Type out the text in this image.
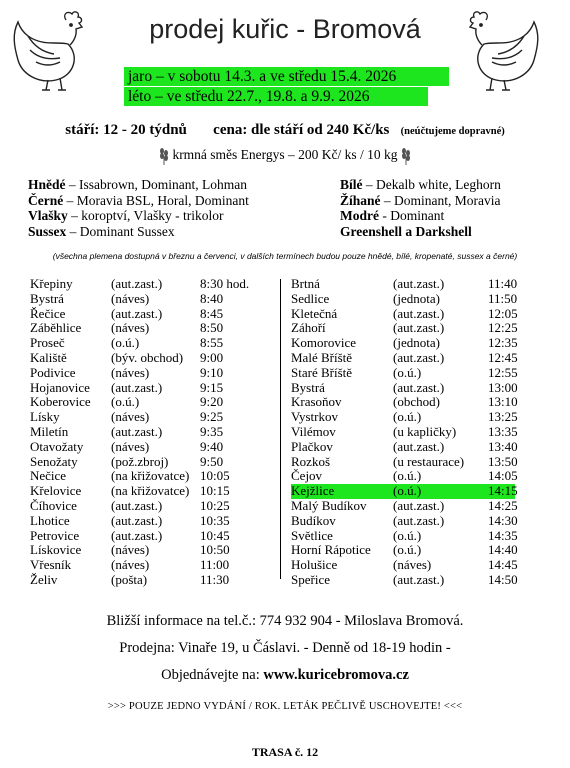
prodej kuřic - Bromová
jaro – v sobotu 14.3. a ve středu 15.4. 2026
léto – ve středu 22.7., 19.8. a 9.9. 2026
stáří: 12 - 20 týdnů cena: dle stáří od 240 Kč/ks (neúčtujeme dopravné)
krmná směs Energys – 200 Kč/ ks / 10 kg
Hnědé – Issabrown, Dominant, Lohman
Černé – Moravia BSL, Horal, Dominant
Vlašky – koroptví, Vlašky - trikolor
Sussex – Dominant Sussex
Bílé – Dekalb white, Leghorn
Žíhané – Dominant, Moravia
Modré - Dominant
Greenshell a Darkshell
(všechna plemena dostupná v březnu a červenci, v dalších termínech budou pouze hnědé, bílé, kropenaté, sussex a černé)
Křepiny	(aut.zast.)	8:30 hod.
Bystrá	(náves)	8:40
Řečice	(aut.zast.)	8:45
Záběhlice (náves)	8:50
Proseč	(o.ú.)	8:55
Kaliště	(býv. obchod) 9:00
Podivice	(náves)	9:10
Hojanovice (aut.zast.)	9:15
Koberovice (o.ú.)	9:20
Lísky	(náves)	9:25
Miletín	(aut.zast.)	9:35
Otavožaty (náves)	9:40
Senožaty	(pož.zbroj) 9:50
Nečice	(na křižovatce) 10:05
Křelovice (na křižovatce) 10:15
Číhovice	(aut.zast.)	10:25
Lhotice	(aut.zast.)	10:35
Petrovice (aut.zast.)	10:45
Lískovice (náves)	10:50
Vřesník	(náves)	11:00
Želiv	(pošta)	11:30
Brtná	(aut.zast.)	11:40
Sedlice	(jednota)	11:50
Kletečná	(aut.zast.)	12:05
Záhoří	(aut.zast.)	12:25
Komorovice	(jednota)	12:35
Malé Bříště	(aut.zast.)	12:45
Staré Bříště	(o.ú.)	12:55
Bystrá	(aut.zast.)	13:00
Krasoňov	(obchod)	13:10
Vystrkov	(o.ú.)	13:25
Vilémov	(u kapličky) 13:35
Plačkov	(aut.zast.)	13:40
Rozkoš	(u restaurace) 13:50
Čejov	(o.ú.)	14:05
Kejžlice	(o.ú.)	14:15
Malý Budíkov (aut.zast.)	14:25
Budíkov	(aut.zast.)	14:30
Světlice	(o.ú.)	14:35
Horní Rápotice (o.ú.)	14:40
Holušice	(náves)	14:45
Speřice	(aut.zast.)	14:50
Bližší informace na tel.č.: 774 932 904 - Miloslava Bromová.
Prodejna: Vinaře 19, u Čáslavi. - Denně od 18-19 hodin -
Objednávejte na: www.kuricebromova.cz
>>> POUZE JEDNO VYDÁNÍ / ROK. LETÁK PEČLIVĚ USCHOVEJTE! <<<
TRASA č. 12
